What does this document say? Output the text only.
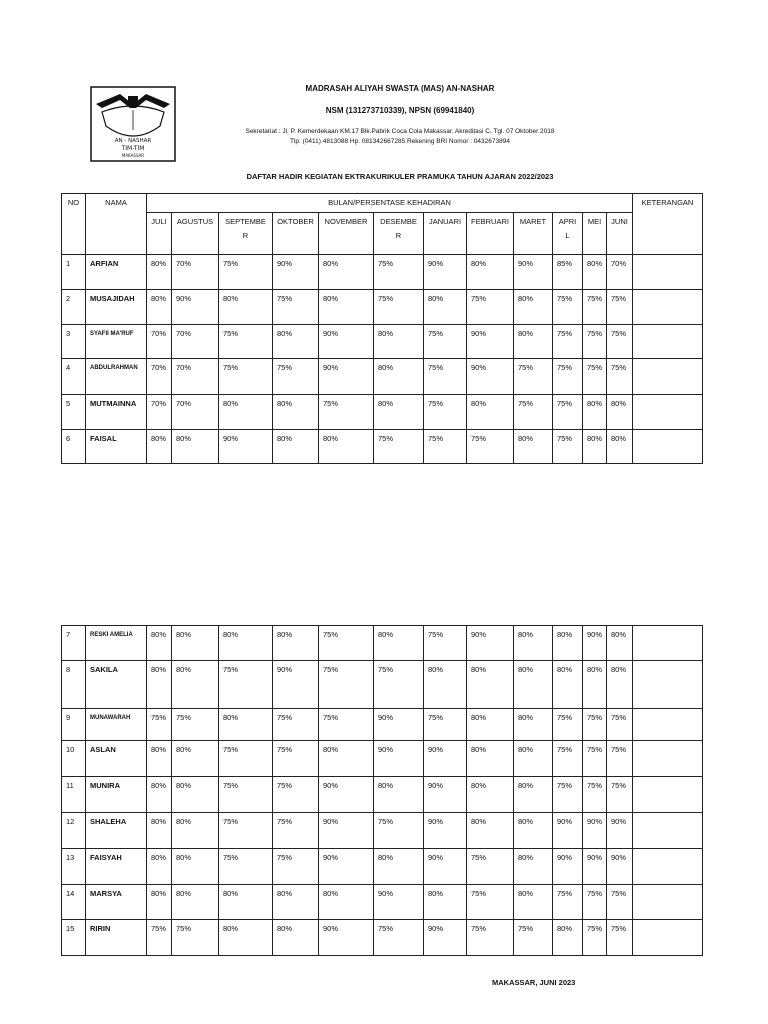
AN - NASHAR
TIM-TIM
MAKASSAR
MADRASAH ALIYAH SWASTA (MAS) AN-NASHAR
NSM (131273710339), NPSN (69941840)
Sekretariat : Jl. P. Kemerdekaan KM.17 Blk.Pabrik Coca Cola Makassar. Akreditasi C, Tgl. 07 Oktober 2018
Tlp. (0411) 4813088 Hp. 081342667285 Rekening BRI Nomor : 0432673894
DAFTAR HADIR KEGIATAN EKTRAKURIKULER PRAMUKA TAHUN AJARAN 2022/2023
NO	NAMA	BULAN/PERSENTASE KEHADIRAN												KETERANGAN
		JULI	AGUSTUS	SEPTEMBER	OKTOBER	NOVEMBER	DESEMBER	JANUARI	FEBRUARI	MARET	APRIL	MEI	JUNI	
1	ARFIAN	80%	70%	75%	90%	80%	75%	90%	80%	90%	85%	80%	70%	
2	MUSAJIDAH	80%	90%	80%	75%	80%	75%	80%	75%	80%	75%	75%	75%	
3	SYAFII MA'RUF	70%	70%	75%	80%	90%	80%	75%	90%	80%	75%	75%	75%	
4	ABDULRAHMAN	70%	70%	75%	75%	90%	80%	75%	90%	75%	75%	75%	75%	
5	MUTMAINNA	70%	70%	80%	80%	75%	80%	75%	80%	75%	75%	80%	80%	
6	FAISAL	80%	80%	90%	80%	80%	75%	75%	75%	80%	75%	80%	80%	
7	RESKI AMELIA	80%	80%	80%	80%	75%	80%	75%	90%	80%	80%	90%	80%	
8	SAKILA	80%	80%	75%	90%	75%	75%	80%	80%	80%	80%	80%	80%	
9	MUNAWARAH	75%	75%	80%	75%	75%	90%	75%	80%	80%	75%	75%	75%	
10	ASLAN	80%	80%	75%	75%	80%	90%	90%	80%	80%	75%	75%	75%	
11	MUNIRA	80%	80%	75%	75%	90%	80%	90%	80%	80%	75%	75%	75%	
12	SHALEHA	80%	80%	75%	75%	90%	75%	90%	80%	80%	90%	90%	90%	
13	FAISYAH	80%	80%	75%	75%	90%	80%	90%	75%	80%	90%	90%	90%	
14	MARSYA	80%	80%	80%	80%	80%	90%	80%	75%	80%	75%	75%	75%	
15	RIRIN	75%	75%	80%	80%	90%	75%	90%	75%	75%	80%	75%	75%	
MAKASSAR, JUNI 2023
